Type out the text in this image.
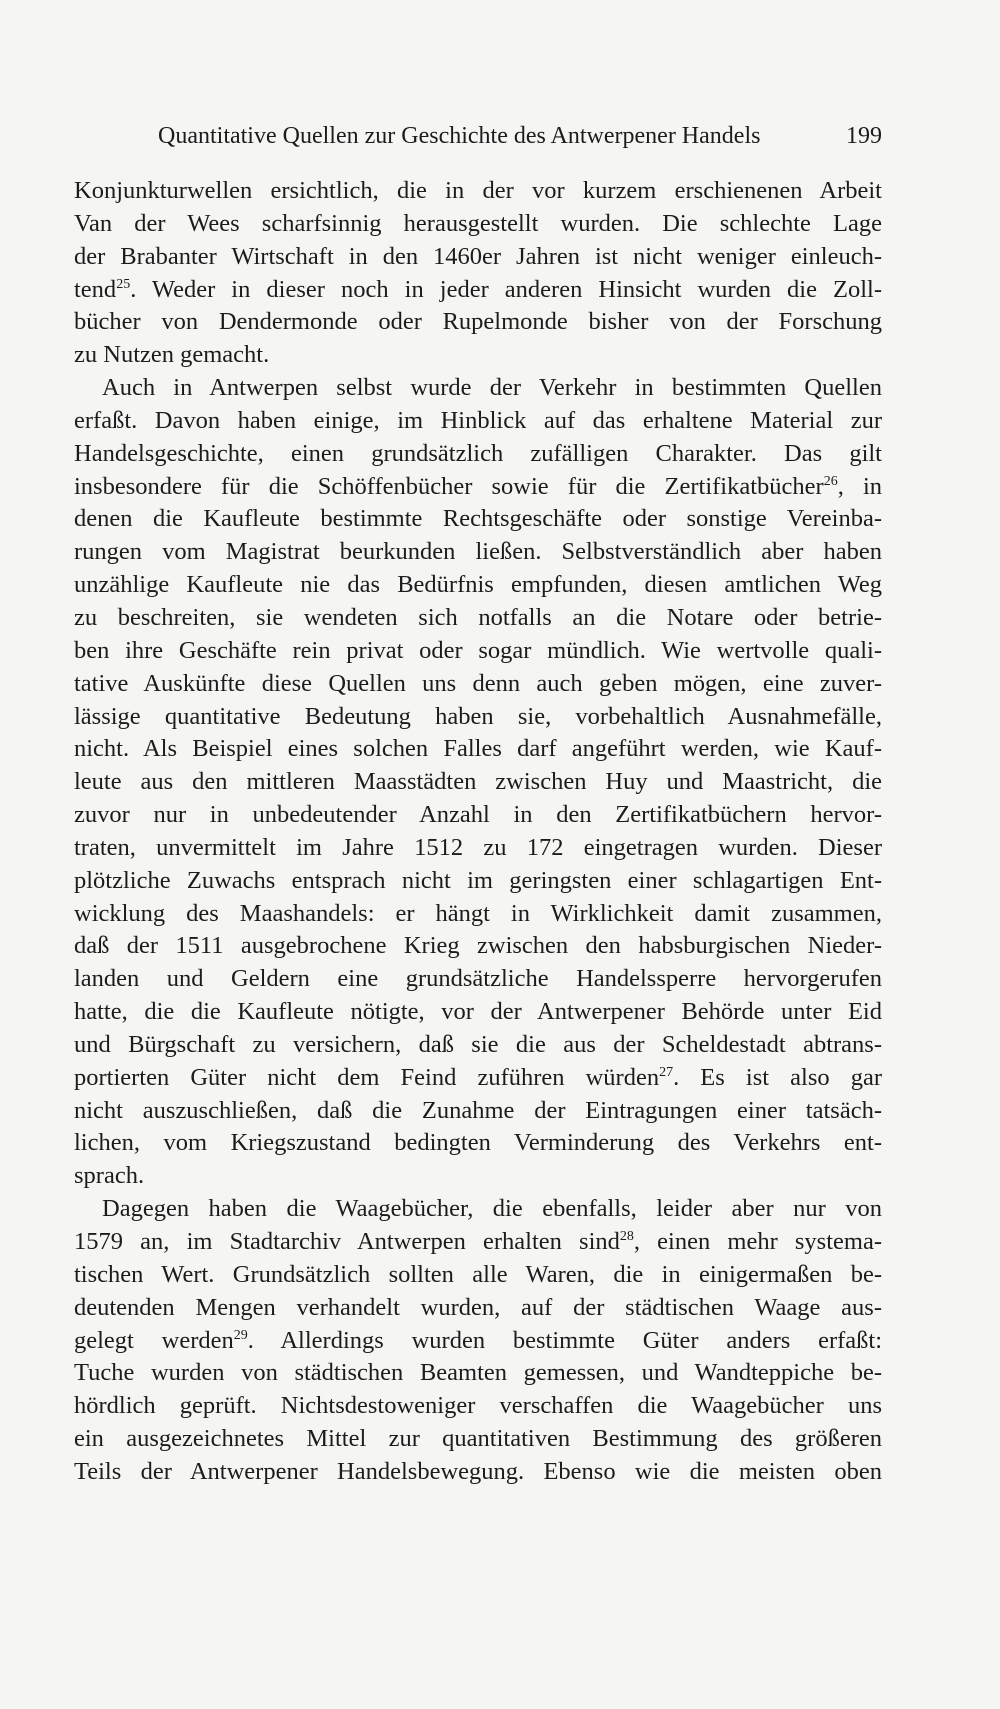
Quantitative Quellen zur Geschichte des Antwerpener Handels	199
Konjunkturwellen ersichtlich, die in der vor kurzem erschienenen Arbeit
Van der Wees scharfsinnig herausgestellt wurden. Die schlechte Lage
der Brabanter Wirtschaft in den 1460er Jahren ist nicht weniger einleuch-
tend$^{25}$. Weder in dieser noch in jeder anderen Hinsicht wurden die Zoll-
bücher von Dendermonde oder Rupelmonde bisher von der Forschung
zu Nutzen gemacht.
Auch in Antwerpen selbst wurde der Verkehr in bestimmten Quellen
erfaßt. Davon haben einige, im Hinblick auf das erhaltene Material zur
Handelsgeschichte, einen grundsätzlich zufälligen Charakter. Das gilt
insbesondere für die Schöffenbücher sowie für die Zertifikatbücher$^{26}$, in
denen die Kaufleute bestimmte Rechtsgeschäfte oder sonstige Vereinba-
rungen vom Magistrat beurkunden ließen. Selbstverständlich aber haben
unzählige Kaufleute nie das Bedürfnis empfunden, diesen amtlichen Weg
zu beschreiten, sie wendeten sich notfalls an die Notare oder betrie-
ben ihre Geschäfte rein privat oder sogar mündlich. Wie wertvolle quali-
tative Auskünfte diese Quellen uns denn auch geben mögen, eine zuver-
lässige quantitative Bedeutung haben sie, vorbehaltlich Ausnahmefälle,
nicht. Als Beispiel eines solchen Falles darf angeführt werden, wie Kauf-
leute aus den mittleren Maasstädten zwischen Huy und Maastricht, die
zuvor nur in unbedeutender Anzahl in den Zertifikatbüchern hervor-
traten, unvermittelt im Jahre 1512 zu 172 eingetragen wurden. Dieser
plötzliche Zuwachs entsprach nicht im geringsten einer schlagartigen Ent-
wicklung des Maashandels: er hängt in Wirklichkeit damit zusammen,
daß der 1511 ausgebrochene Krieg zwischen den habsburgischen Nieder-
landen und Geldern eine grundsätzliche Handelssperre hervorgerufen
hatte, die die Kaufleute nötigte, vor der Antwerpener Behörde unter Eid
und Bürgschaft zu versichern, daß sie die aus der Scheldestadt abtrans-
portierten Güter nicht dem Feind zuführen würden$^{27}$. Es ist also gar
nicht auszuschließen, daß die Zunahme der Eintragungen einer tatsäch-
lichen, vom Kriegszustand bedingten Verminderung des Verkehrs ent-
sprach.
Dagegen haben die Waagebücher, die ebenfalls, leider aber nur von
1579 an, im Stadtarchiv Antwerpen erhalten sind$^{28}$, einen mehr systema-
tischen Wert. Grundsätzlich sollten alle Waren, die in einigermaßen be-
deutenden Mengen verhandelt wurden, auf der städtischen Waage aus-
gelegt werden$^{29}$. Allerdings wurden bestimmte Güter anders erfaßt:
Tuche wurden von städtischen Beamten gemessen, und Wandteppiche be-
hördlich geprüft. Nichtsdestoweniger verschaffen die Waagebücher uns
ein ausgezeichnetes Mittel zur quantitativen Bestimmung des größeren
Teils der Antwerpener Handelsbewegung. Ebenso wie die meisten oben
